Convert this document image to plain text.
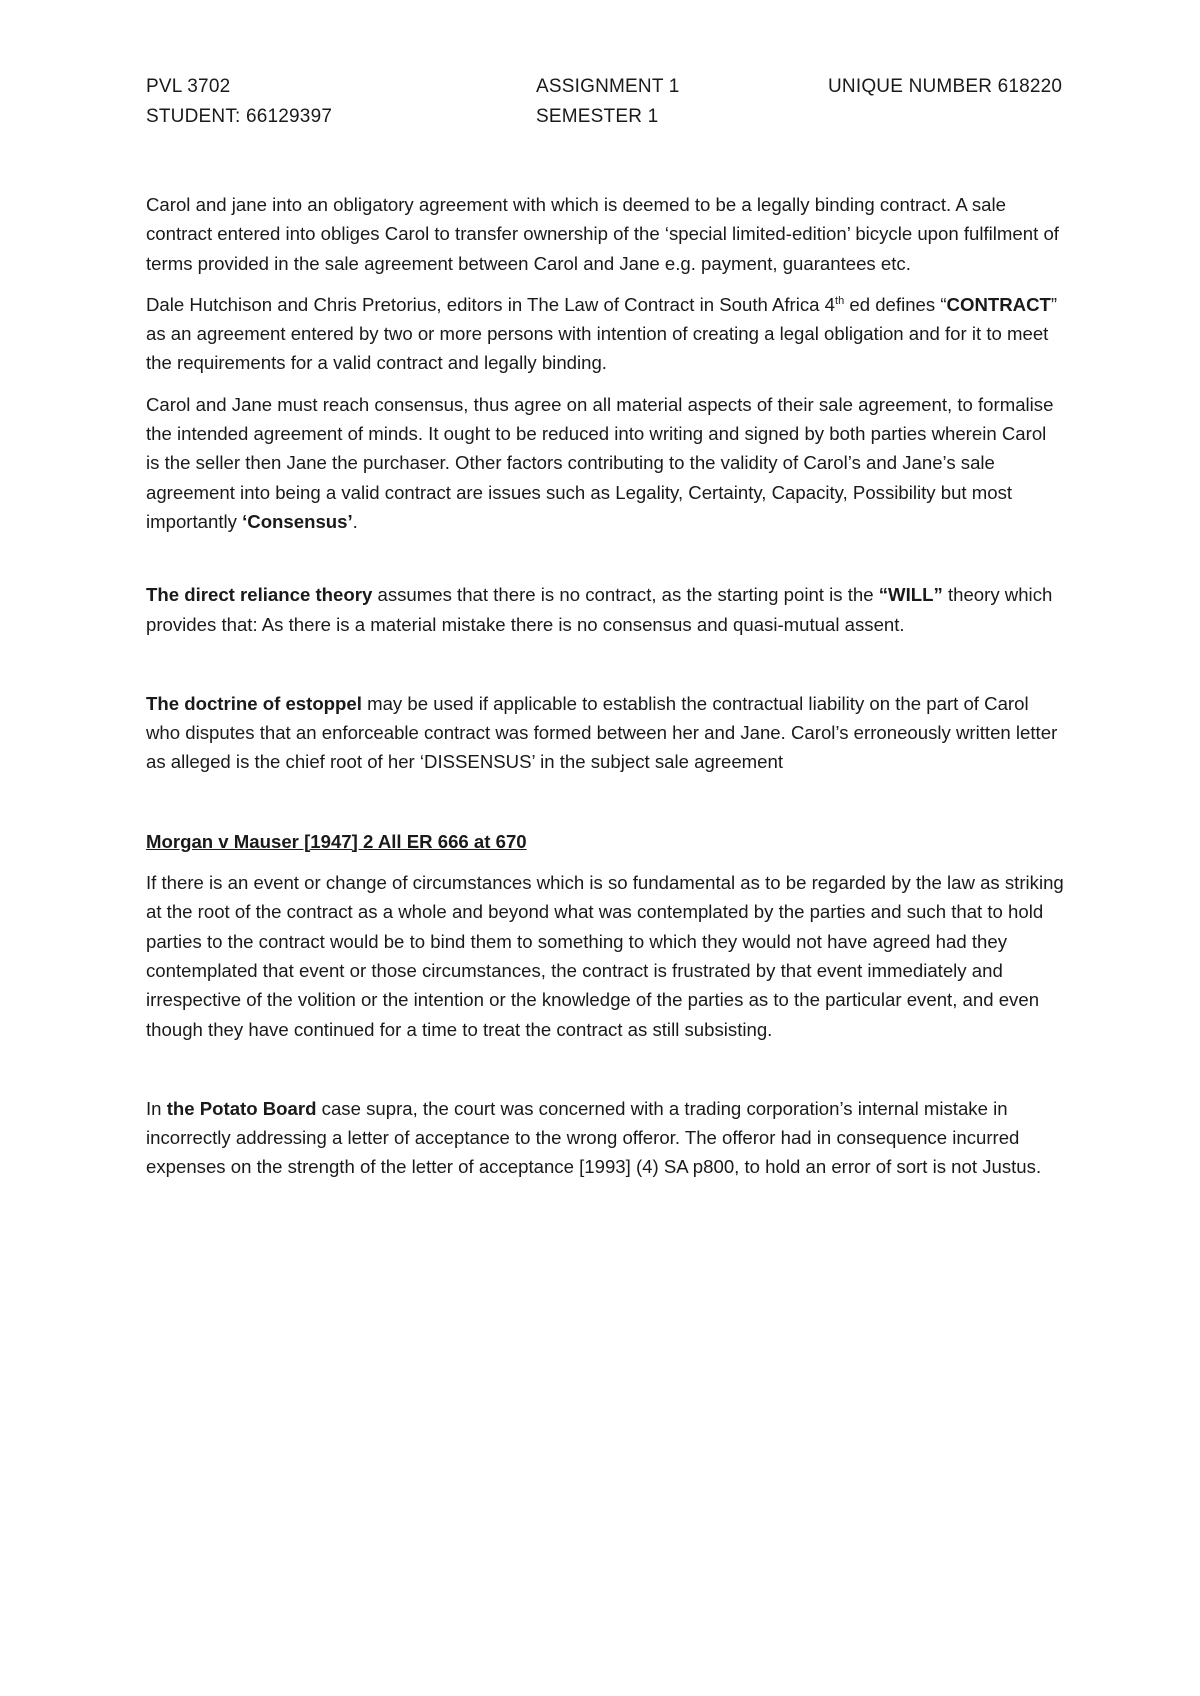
PVL 3702
STUDENT: 66129397
ASSIGNMENT 1
SEMESTER 1
UNIQUE NUMBER 618220

Carol and jane into an obligatory agreement with which is deemed to be a legally binding contract. A sale contract entered into obliges Carol to transfer ownership of the ‘special limited-edition’ bicycle upon fulfilment of terms provided in the sale agreement between Carol and Jane e.g. payment, guarantees etc.

Dale Hutchison and Chris Pretorius, editors in The Law of Contract in South Africa 4th ed defines “CONTRACT” as an agreement entered by two or more persons with intention of creating a legal obligation and for it to meet the requirements for a valid contract and legally binding.

Carol and Jane must reach consensus, thus agree on all material aspects of their sale agreement, to formalise the intended agreement of minds. It ought to be reduced into writing and signed by both parties wherein Carol is the seller then Jane the purchaser. Other factors contributing to the validity of Carol’s and Jane’s sale agreement into being a valid contract are issues such as Legality, Certainty, Capacity, Possibility but most importantly ‘Consensus’.

The direct reliance theory assumes that there is no contract, as the starting point is the “WILL” theory which provides that: As there is a material mistake there is no consensus and quasi-mutual assent.

The doctrine of estoppel may be used if applicable to establish the contractual liability on the part of Carol who disputes that an enforceable contract was formed between her and Jane. Carol’s erroneously written letter as alleged is the chief root of her ‘DISSENSUS’ in the subject sale agreement

Morgan v Mauser [1947] 2 All ER 666 at 670

If there is an event or change of circumstances which is so fundamental as to be regarded by the law as striking at the root of the contract as a whole and beyond what was contemplated by the parties and such that to hold parties to the contract would be to bind them to something to which they would not have agreed had they contemplated that event or those circumstances, the contract is frustrated by that event immediately and irrespective of the volition or the intention or the knowledge of the parties as to the particular event, and even though they have continued for a time to treat the contract as still subsisting.

In the Potato Board case supra, the court was concerned with a trading corporation’s internal mistake in incorrectly addressing a letter of acceptance to the wrong offeror. The offeror had in consequence incurred expenses on the strength of the letter of acceptance [1993] (4) SA p800, to hold an error of sort is not Justus.
